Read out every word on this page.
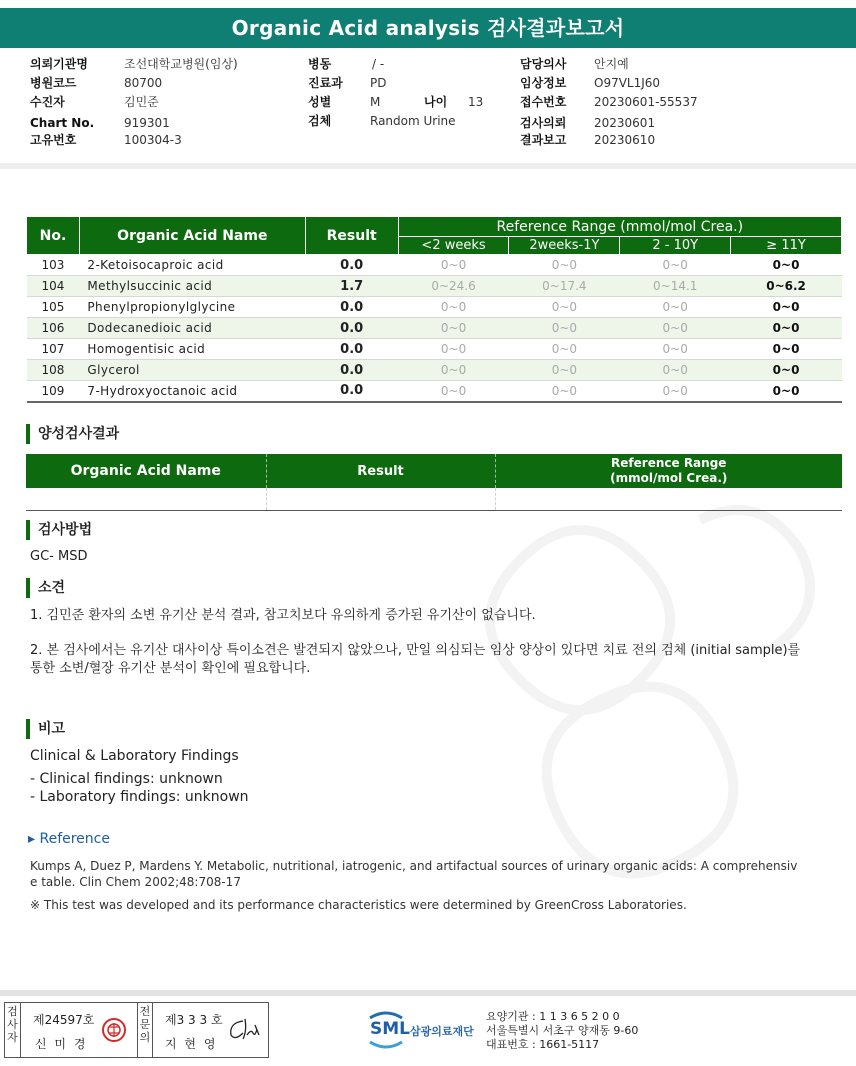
Organic Acid analysis 검사결과보고서
의뢰기관명	조선대학교병원(임상)
병원코드	80700
수진자	김민준
Chart No. 919301
고유번호	100304-3
병동	/ -
진료과 PD
성별	M	나이 13
검체	Random Urine
담당의사 안지예
임상정보 O97VL1J60
접수번호 20230601-55537
검사의뢰 20230601
결과보고 20230610
No.	Organic Acid Name	Result	Reference Range (mmol/mol Crea.)			
			<2 weeks	2weeks-1Y	2 - 10Y	≥ 11Y
103	2-Ketoisocaproic acid	0.0	0~0	0~0	0~0	0~0
104	Methylsuccinic acid	1.7	0~24.6	0~17.4	0~14.1	0~6.2
105	Phenylpropionylglycine	0.0	0~0	0~0	0~0	0~0
106	Dodecanedioic acid	0.0	0~0	0~0	0~0	0~0
107	Homogentisic acid	0.0	0~0	0~0	0~0	0~0
108	Glycerol	0.0	0~0	0~0	0~0	0~0
109	7-Hydroxyoctanoic acid	0.0	0~0	0~0	0~0	0~0
양성검사결과
Organic Acid Name	Result	Reference Range
(mmol/mol Crea.)

검사방법
GC- MSD
소견
1. 김민준 환자의 소변 유기산 분석 결과, 참고치보다 유의하게 증가된 유기산이 없습니다.
2. 본 검사에서는 유기산 대사이상 특이소견은 발견되지 않았으나, 만일 의심되는 임상 양상이 있다면 치료 전의 검체 (initial sample)를
통한 소변/혈장 유기산 분석이 확인에 필요합니다.
비고
Clinical & Laboratory Findings
- Clinical findings: unknown
- Laboratory findings: unknown
▸ Reference
Kumps A, Duez P, Mardens Y. Metabolic, nutritional, iatrogenic, and artifactual sources of urinary organic acids: A comprehensiv
e table. Clin Chem 2002;48:708-17
※ This test was developed and its performance characteristics were determined by GreenCross Laboratories.
검사자
제24597호
신 미 경
전문의
제3 3 3 호
지 현 영
SML 삼광의료재단
요양기관 : 1 1 3 6 5 2 0 0
서울특별시 서초구 양재동 9-60
대표번호 : 1661-5117
